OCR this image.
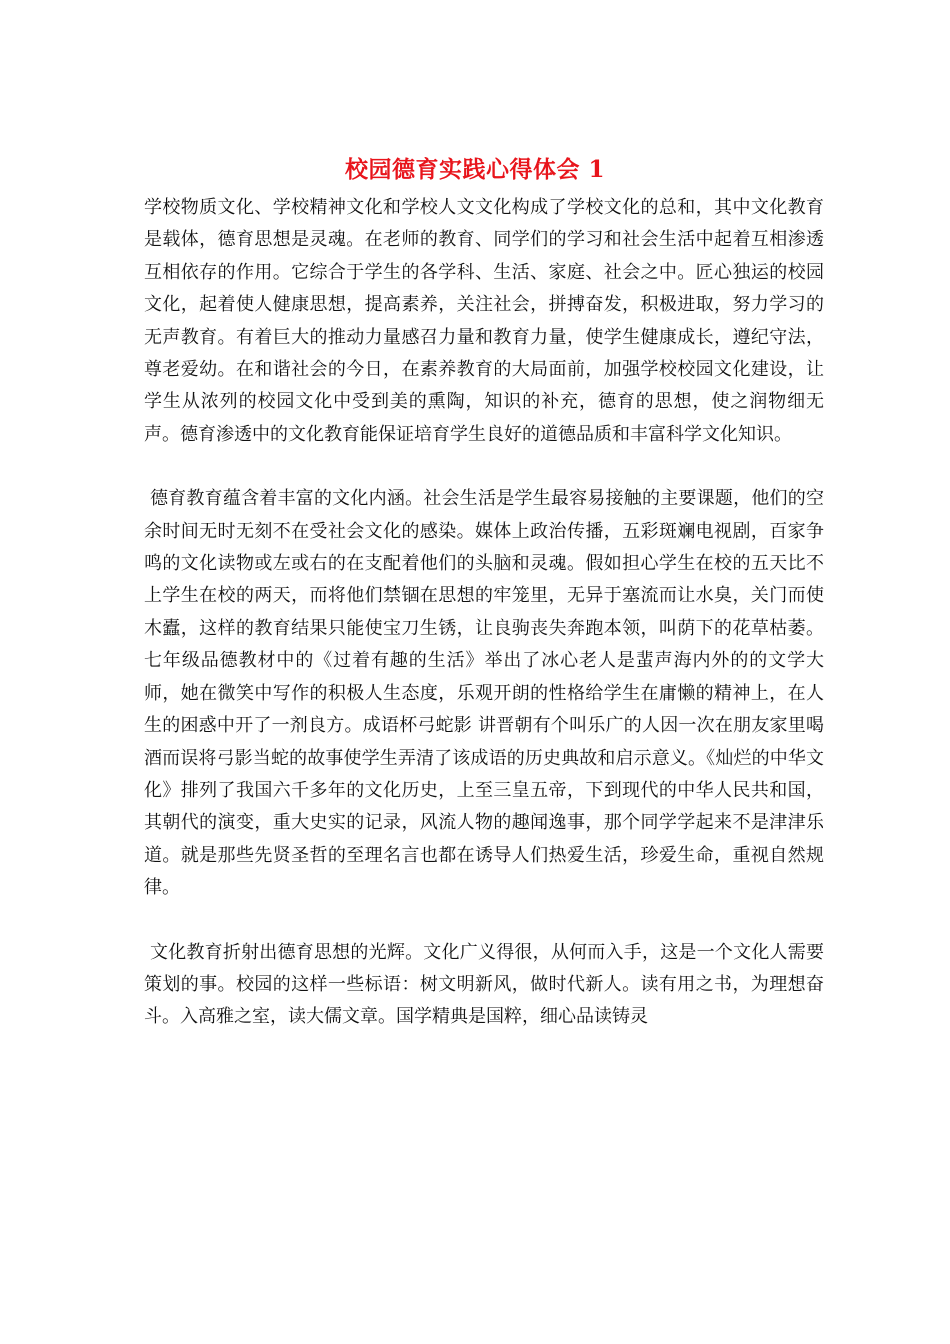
校园德育实践心得体会 1

学校物质文化、学校精神文化和学校人文文化构成了学校文化的总和，其中文化教育是载体，德育思想是灵魂。在老师的教育、同学们的学习和社会生活中起着互相渗透互相依存的作用。它综合于学生的各学科、生活、家庭、社会之中。匠心独运的校园文化，起着使人健康思想，提高素养，关注社会，拼搏奋发，积极进取，努力学习的无声教育。有着巨大的推动力量感召力量和教育力量，使学生健康成长，遵纪守法，尊老爱幼。在和谐社会的今日，在素养教育的大局面前，加强学校校园文化建设，让学生从浓列的校园文化中受到美的熏陶，知识的补充，德育的思想，使之润物细无声。德育渗透中的文化教育能保证培育学生良好的道德品质和丰富科学文化知识。

德育教育蕴含着丰富的文化内涵。社会生活是学生最容易接触的主要课题，他们的空余时间无时无刻不在受社会文化的感染。媒体上政治传播，五彩斑斓电视剧，百家争鸣的文化读物或左或右的在支配着他们的头脑和灵魂。假如担心学生在校的五天比不上学生在校的两天，而将他们禁锢在思想的牢笼里，无异于塞流而让水臭，关门而使木蠹，这样的教育结果只能使宝刀生锈，让良驹丧失奔跑本领，叫荫下的花草枯萎。七年级品德教材中的《过着有趣的生活》举出了冰心老人是蜚声海内外的的文学大师，她在微笑中写作的积极人生态度，乐观开朗的性格给学生在庸懒的精神上，在人生的困惑中开了一剂良方。成语杯弓蛇影 讲晋朝有个叫乐广的人因一次在朋友家里喝酒而误将弓影当蛇的故事使学生弄清了该成语的历史典故和启示意义。《灿烂的中华文化》排列了我国六千多年的文化历史，上至三皇五帝，下到现代的中华人民共和国，其朝代的演变，重大史实的记录，风流人物的趣闻逸事，那个同学学起来不是津津乐道。就是那些先贤圣哲的至理名言也都在诱导人们热爱生活，珍爱生命，重视自然规律。

文化教育折射出德育思想的光辉。文化广义得很，从何而入手，这是一个文化人需要策划的事。校园的这样一些标语：树文明新风，做时代新人。读有用之书，为理想奋斗。入高雅之室，读大儒文章。国学精典是国粹，细心品读铸灵
